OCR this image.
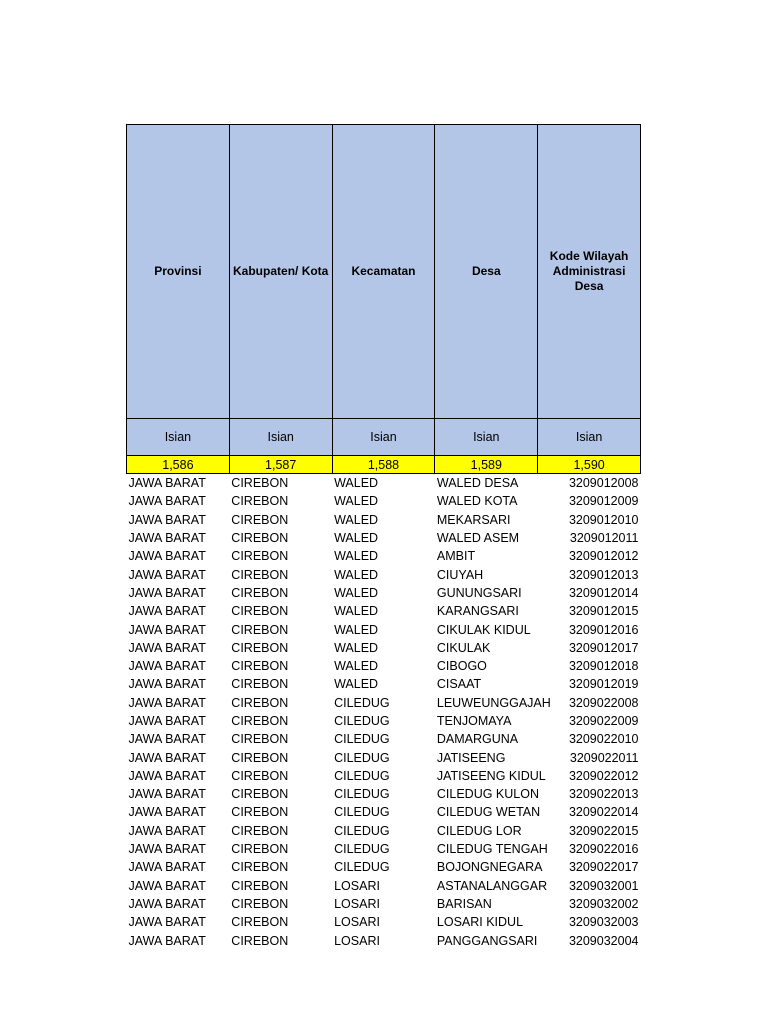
Provinsi	Kabupaten/ Kota	Kecamatan	Desa	Kode Wilayah Administrasi Desa
Isian	Isian	Isian	Isian	Isian
1,586	1,587	1,588	1,589	1,590
JAWA BARAT	CIREBON	WALED	WALED DESA	3209012008
JAWA BARAT	CIREBON	WALED	WALED KOTA	3209012009
JAWA BARAT	CIREBON	WALED	MEKARSARI	3209012010
JAWA BARAT	CIREBON	WALED	WALED ASEM	3209012011
JAWA BARAT	CIREBON	WALED	AMBIT	3209012012
JAWA BARAT	CIREBON	WALED	CIUYAH	3209012013
JAWA BARAT	CIREBON	WALED	GUNUNGSARI	3209012014
JAWA BARAT	CIREBON	WALED	KARANGSARI	3209012015
JAWA BARAT	CIREBON	WALED	CIKULAK KIDUL	3209012016
JAWA BARAT	CIREBON	WALED	CIKULAK	3209012017
JAWA BARAT	CIREBON	WALED	CIBOGO	3209012018
JAWA BARAT	CIREBON	WALED	CISAAT	3209012019
JAWA BARAT	CIREBON	CILEDUG	LEUWEUNGGAJAH	3209022008
JAWA BARAT	CIREBON	CILEDUG	TENJOMAYA	3209022009
JAWA BARAT	CIREBON	CILEDUG	DAMARGUNA	3209022010
JAWA BARAT	CIREBON	CILEDUG	JATISEENG	3209022011
JAWA BARAT	CIREBON	CILEDUG	JATISEENG KIDUL	3209022012
JAWA BARAT	CIREBON	CILEDUG	CILEDUG KULON	3209022013
JAWA BARAT	CIREBON	CILEDUG	CILEDUG WETAN	3209022014
JAWA BARAT	CIREBON	CILEDUG	CILEDUG LOR	3209022015
JAWA BARAT	CIREBON	CILEDUG	CILEDUG TENGAH	3209022016
JAWA BARAT	CIREBON	CILEDUG	BOJONGNEGARA	3209022017
JAWA BARAT	CIREBON	LOSARI	ASTANALANGGAR	3209032001
JAWA BARAT	CIREBON	LOSARI	BARISAN	3209032002
JAWA BARAT	CIREBON	LOSARI	LOSARI KIDUL	3209032003
JAWA BARAT	CIREBON	LOSARI	PANGGANGSARI	3209032004
